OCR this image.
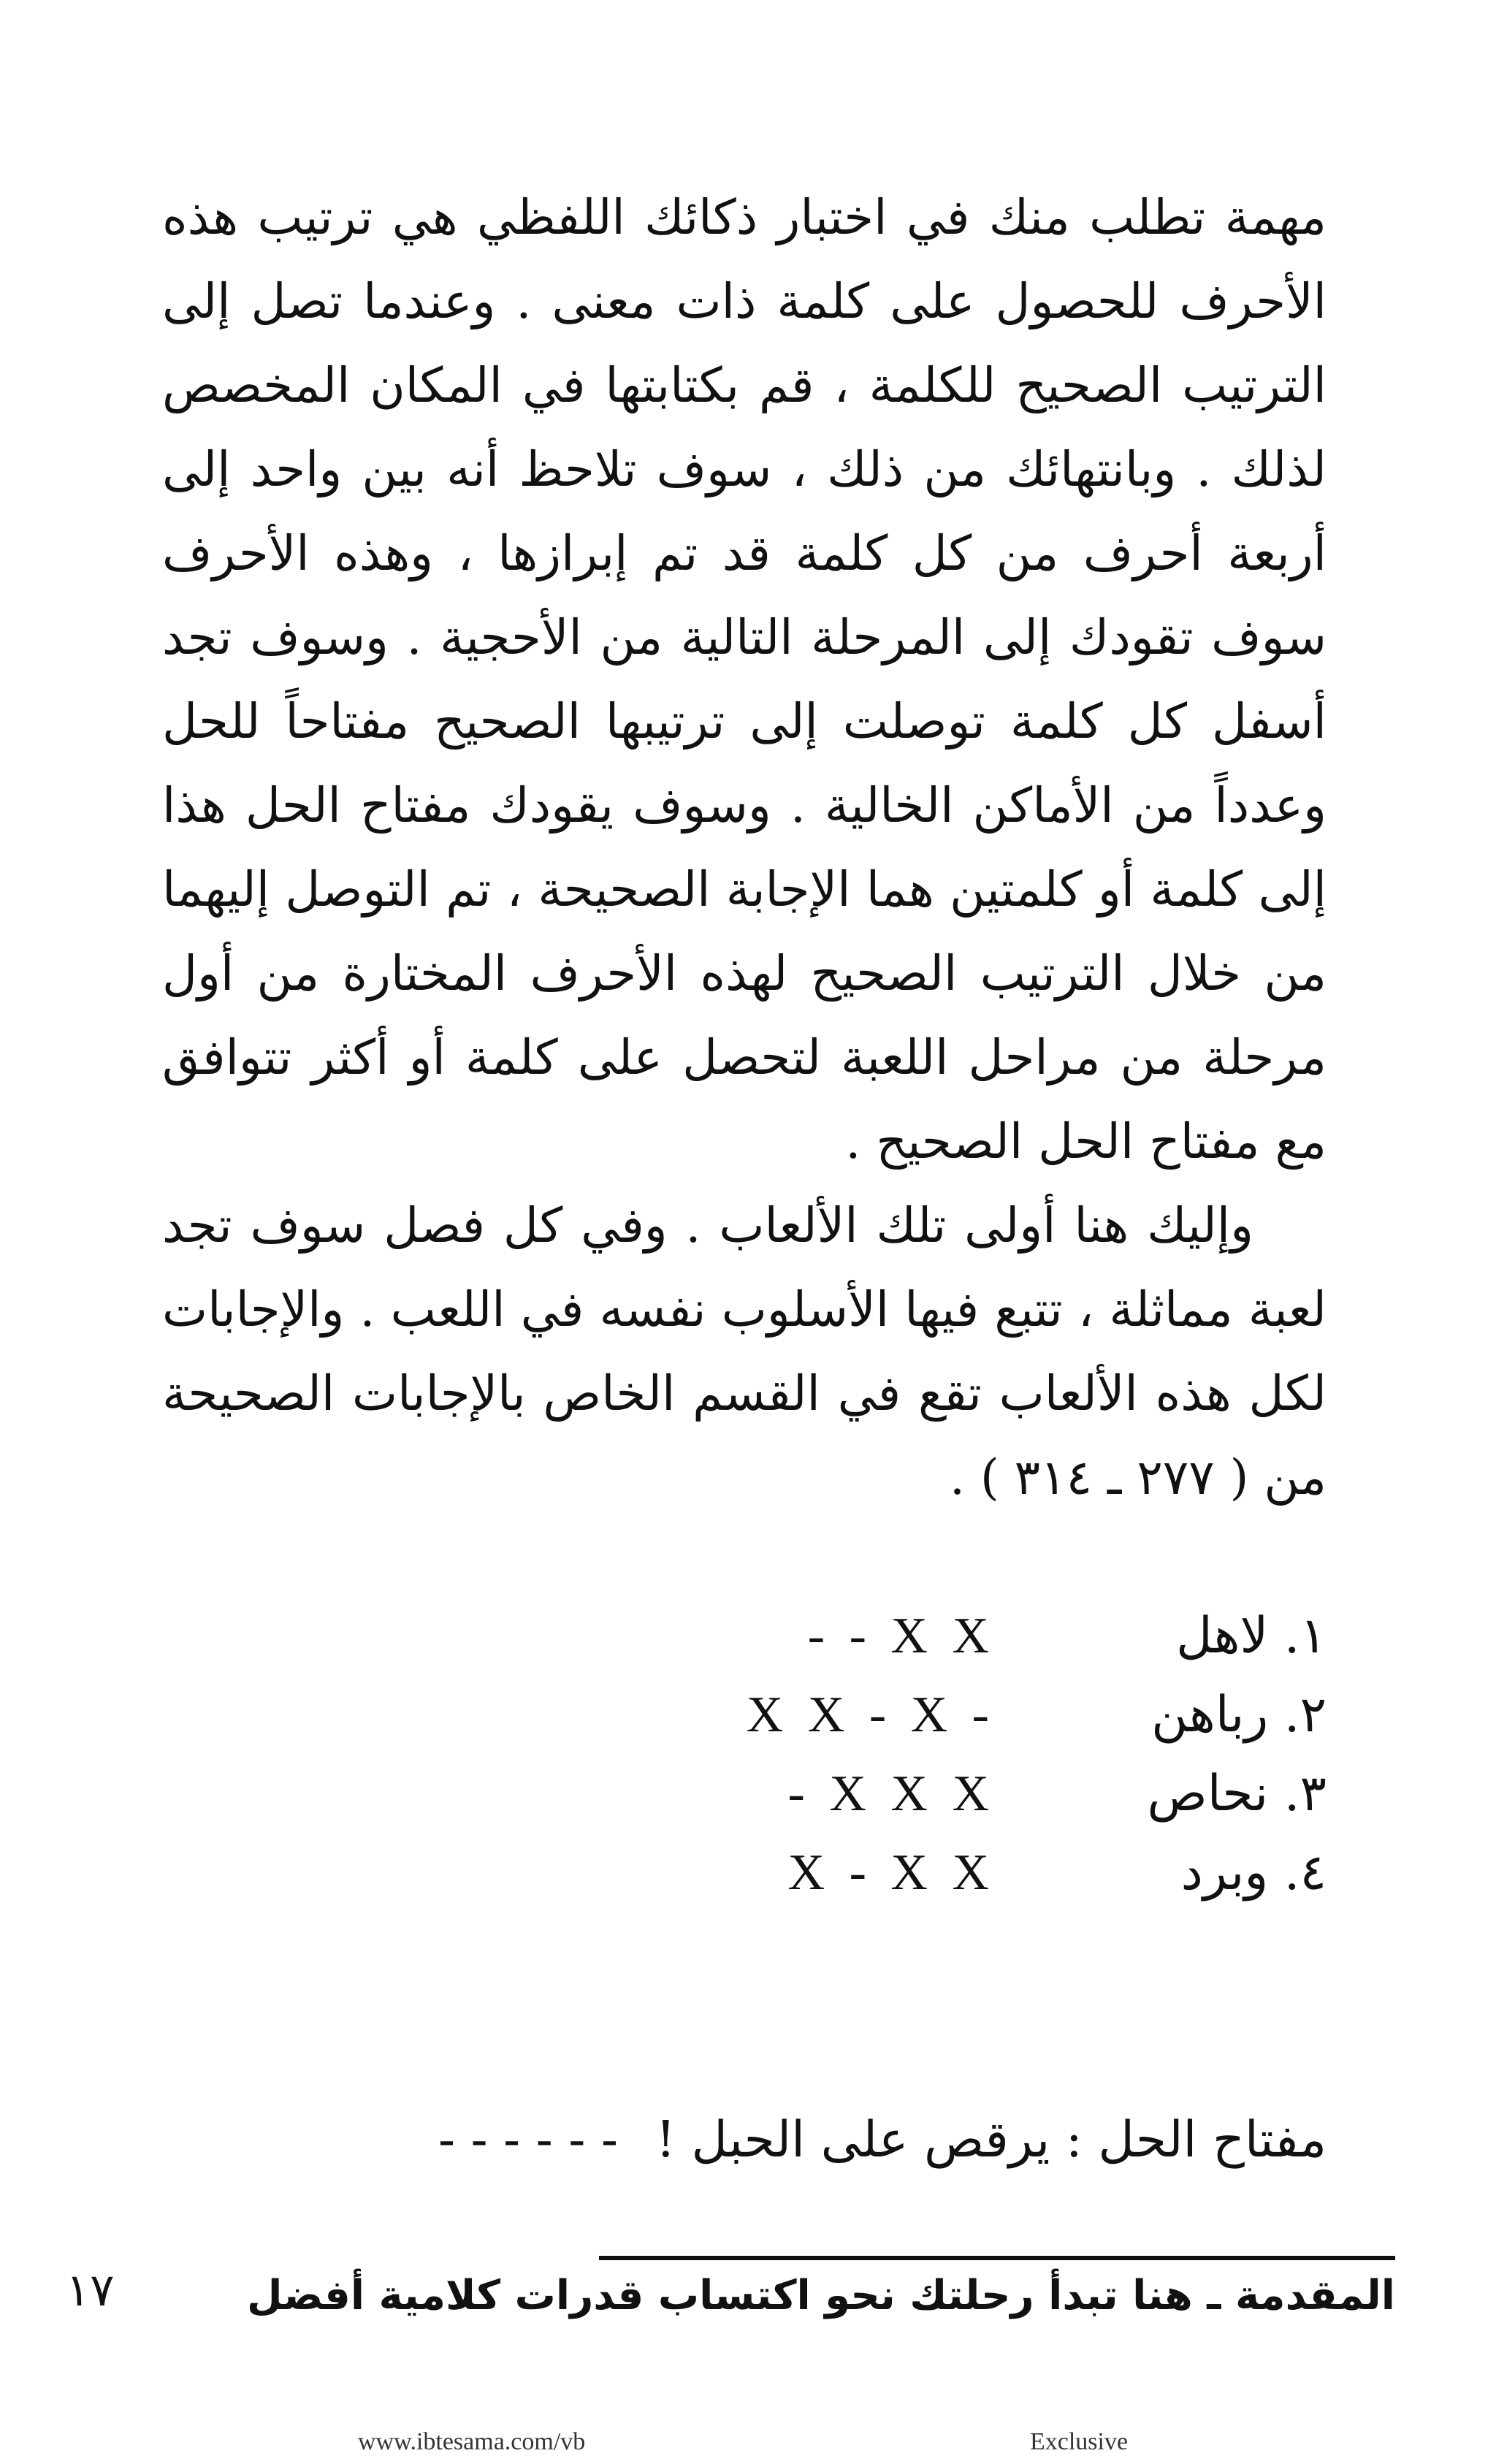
مهمة تطلب منك في اختبار ذكائك اللفظي هي ترتيب هذه الأحرف للحصول على كلمة ذات معنى . وعندما تصل إلى الترتيب الصحيح للكلمة ، قم بكتابتها في المكان المخصص لذلك . وبانتهائك من ذلك ، سوف تلاحظ أنه بين واحد إلى أربعة أحرف من كل كلمة قد تم إبرازها ، وهذه الأحرف سوف تقودك إلى المرحلة التالية من الأحجية . وسوف تجد أسفل كل كلمة توصلت إلى ترتيبها الصحيح مفتاحاً للحل وعدداً من الأماكن الخالية . وسوف يقودك مفتاح الحل هذا إلى كلمة أو كلمتين هما الإجابة الصحيحة ، تم التوصل إليهما من خلال الترتيب الصحيح لهذه الأحرف المختارة من أول مرحلة من مراحل اللعبة لتحصل على كلمة أو أكثر تتوافق مع مفتاح الحل الصحيح .

وإليك هنا أولى تلك الألعاب . وفي كل فصل سوف تجد لعبة مماثلة ، تتبع فيها الأسلوب نفسه في اللعب . والإجابات لكل هذه الألعاب تقع في القسم الخاص بالإجابات الصحيحة من ( ٢٧٧ ـ ٣١٤ ) .

١. لاهل
- - X X
٢. رباهن
X X - X -
٣. نحاص
- X X X
٤. وبرد
X - X X
مفتاح الحل : يرقص على الحبل ! - - - - - -
المقدمة ـ هنا تبدأ رحلتك نحو اكتساب قدرات كلامية أفضل
١٧
www.ibtesama.com/vb	Exclusive
